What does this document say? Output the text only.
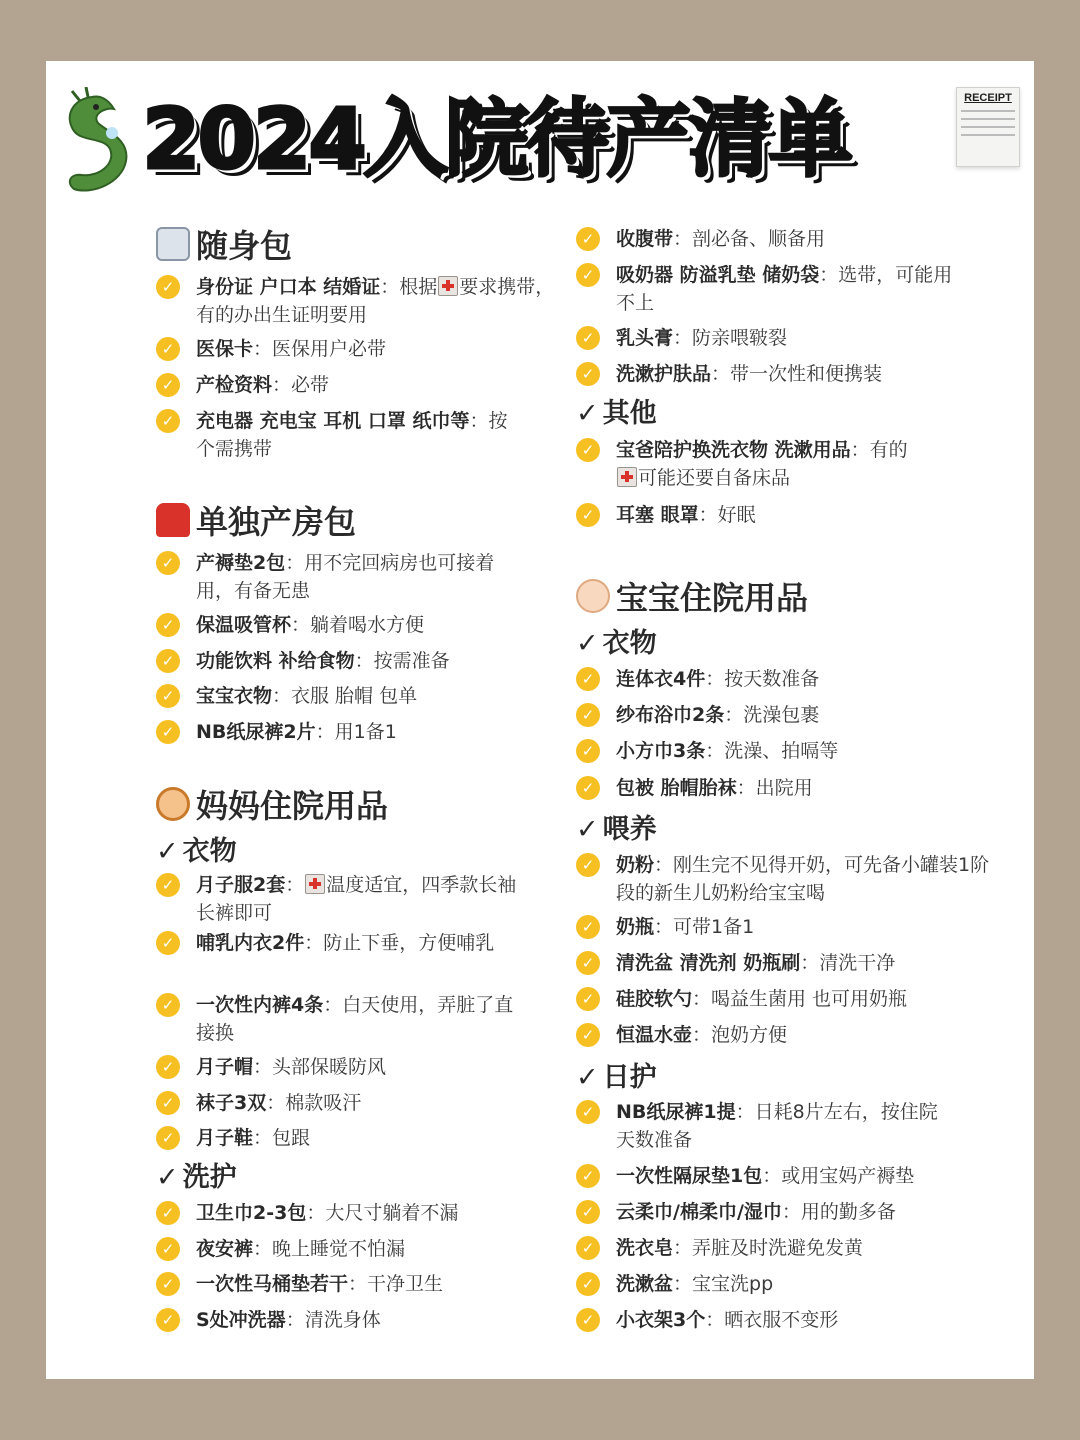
2024入院待产清单	RECEIPT
随身包
✓	身份证 户口本 结婚证：根据 要求携带，有的办出生证明要用
✓	医保卡：医保用户必带
✓	产检资料：必带
✓	充电器 充电宝 耳机 口罩 纸巾等：按个需携带
单独产房包
✓	产褥垫2包：用不完回病房也可接着用，有备无患
✓	保温吸管杯：躺着喝水方便
✓	功能饮料 补给食物：按需准备
✓	宝宝衣物：衣服 胎帽 包单
✓	NB纸尿裤2片：用1备1
妈妈住院用品
✓ 衣物
✓	月子服2套： 温度适宜，四季款长袖长裤即可
✓	哺乳内衣2件：防止下垂，方便哺乳
✓	一次性内裤4条：白天使用，弄脏了直接换
✓	月子帽：头部保暖防风
✓	袜子3双：棉款吸汗
✓	月子鞋：包跟
✓ 洗护
✓	卫生巾2-3包：大尺寸躺着不漏
✓	夜安裤：晚上睡觉不怕漏
✓	一次性马桶垫若干：干净卫生
✓	S处冲洗器：清洗身体
✓	收腹带：剖必备、顺备用
✓	吸奶器 防溢乳垫 储奶袋：选带，可能用不上
✓	乳头膏：防亲喂皲裂
✓	洗漱护肤品：带一次性和便携装
✓ 其他
✓	宝爸陪护换洗衣物 洗漱用品：有的
可能还要自备床品
✓	耳塞 眼罩：好眠
宝宝住院用品
✓ 衣物
✓	连体衣4件：按天数准备
✓	纱布浴巾2条：洗澡包裹
✓	小方巾3条：洗澡、拍嗝等
✓	包被 胎帽胎袜：出院用
✓ 喂养
✓	奶粉：刚生完不见得开奶，可先备小罐装1阶段的新生儿奶粉给宝宝喝
✓	奶瓶：可带1备1
✓	清洗盆 清洗剂 奶瓶刷：清洗干净
✓	硅胶软勺：喝益生菌用 也可用奶瓶
✓	恒温水壶：泡奶方便
✓ 日护
✓	NB纸尿裤1提：日耗8片左右，按住院天数准备
✓	一次性隔尿垫1包：或用宝妈产褥垫
✓	云柔巾/棉柔巾/湿巾：用的勤多备
✓	洗衣皂：弄脏及时洗避免发黄
✓	洗漱盆：宝宝洗pp
✓	小衣架3个：晒衣服不变形
